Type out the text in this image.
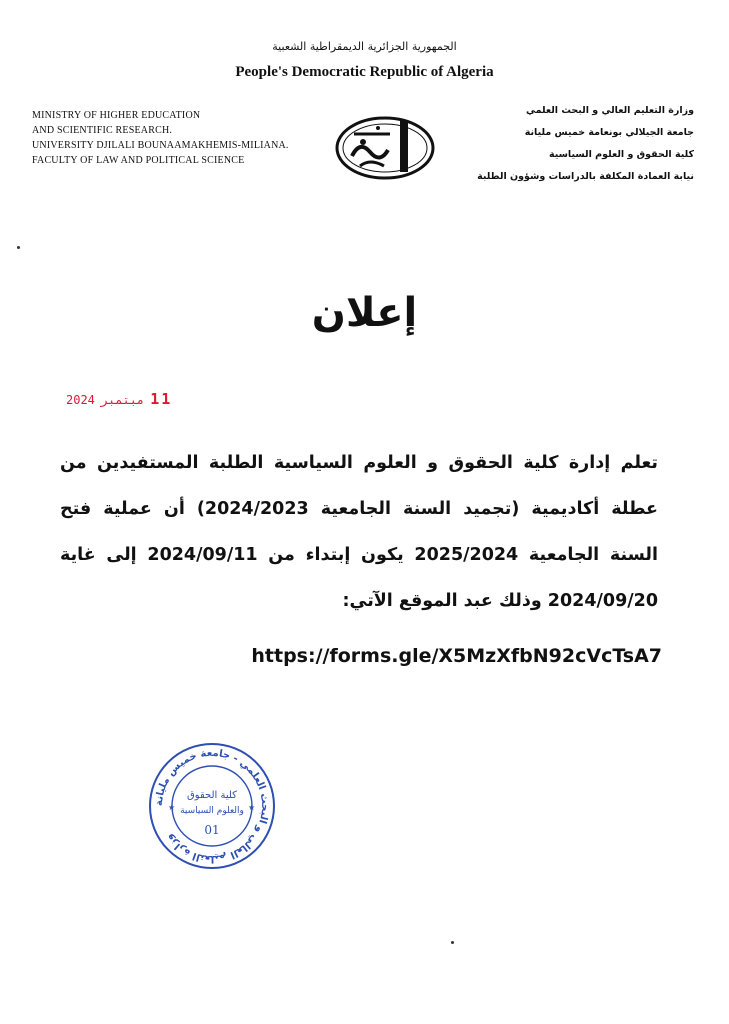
الجمهورية الجزائرية الديمقراطية الشعبية
People's Democratic Republic of Algeria
MINISTRY OF HIGHER EDUCATION
AND SCIENTIFIC RESEARCH.
UNIVERSITY DJILALI BOUNAAMAKHEMIS-MILIANA.
FACULTY OF LAW AND POLITICAL SCIENCE
وزارة التعليم العالي و البحث العلمي
جامعة الجيلالي بونعامة خميس مليانة
كلية الحقوق و العلوم السياسية
نيابة العمادة المكلفة بالدراسات وشؤون الطلبة
إعلان
11
مبتمبر
2024
تعلم إدارة كلية الحقوق و العلوم السياسية الطلبة المستفيدين من عطلة أكاديمية (تجميد السنة الجامعية 2024/2023) أن عملية فتح السنة الجامعية 2025/2024 يكون إبتداء من 2024/09/11 إلى غاية 2024/09/20 وذلك عبد الموقع الآتي:
https://forms.gle/X5MzXfbN92cVcTsA7
وزارة التعليم العالي و البحث العلمي - جامعة خميس مليانة
كلية الحقوق
والعلوم السياسية
01
★	★
